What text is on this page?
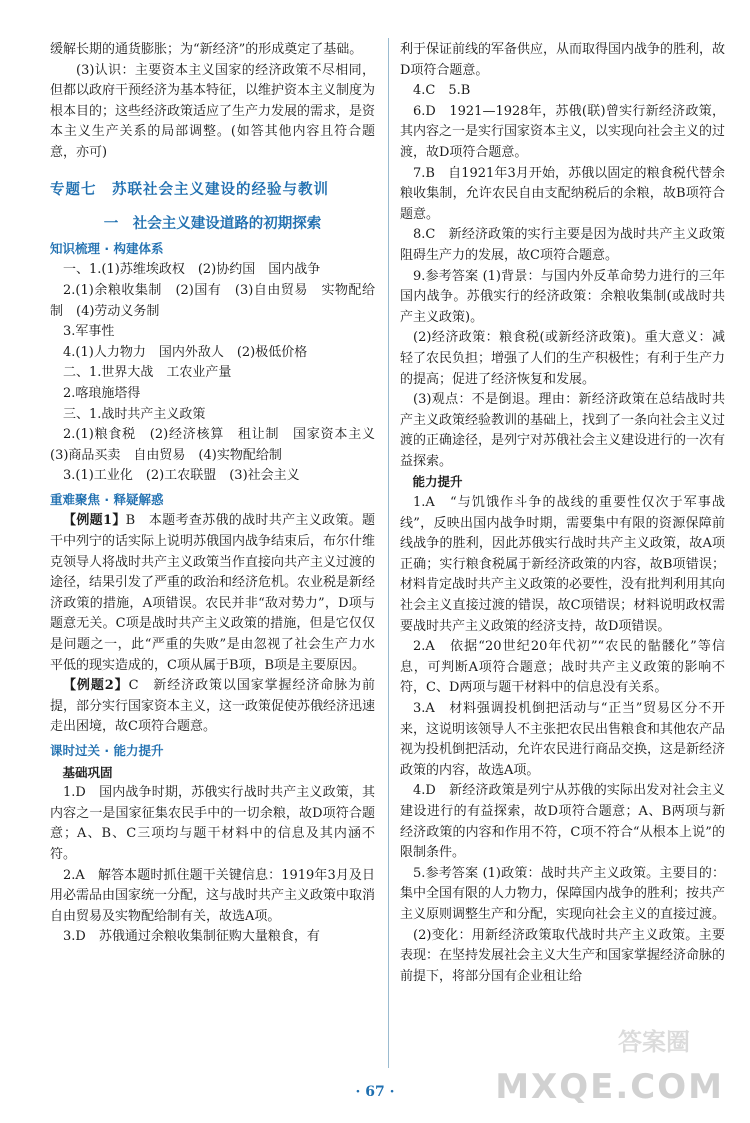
缓解长期的通货膨胀；为“新经济”的形成奠定了基础。

(3)认识：主要资本主义国家的经济政策不尽相同，但都以政府干预经济为基本特征，以维护资本主义制度为根本目的；这些经济政策适应了生产力发展的需求，是资本主义生产关系的局部调整。(如答其他内容且符合题意，亦可)

专题七　苏联社会主义建设的经验与教训
一　社会主义建设道路的初期探索
知识梳理 · 构建体系

一、1.(1)苏维埃政权　(2)协约国　国内战争

2.(1)余粮收集制　(2)国有　(3)自由贸易　实物配给制　(4)劳动义务制

3.军事性

4.(1)人力物力　国内外敌人　(2)极低价格

二、1.世界大战　工农业产量

2.喀琅施塔得

三、1.战时共产主义政策

2.(1)粮食税　(2)经济核算　租让制　国家资本主义　(3)商品买卖　自由贸易　(4)实物配给制

3.(1)工业化　(2)工农联盟　(3)社会主义

重难聚焦 · 释疑解惑

【例题1】B　本题考查苏俄的战时共产主义政策。题干中列宁的话实际上说明苏俄国内战争结束后，布尔什维克领导人将战时共产主义政策当作直接向共产主义过渡的途径，结果引发了严重的政治和经济危机。农业税是新经济政策的措施，A项错误。农民并非“敌对势力”，D项与题意无关。C项是战时共产主义政策的措施，但是它仅仅是问题之一，此“严重的失败”是由忽视了社会生产力水平低的现实造成的，C项从属于B项，B项是主要原因。

【例题2】C　新经济政策以国家掌握经济命脉为前提，部分实行国家资本主义，这一政策促使苏俄经济迅速走出困境，故C项符合题意。

课时过关 · 能力提升

基础巩固

1.D　国内战争时期，苏俄实行战时共产主义政策，其内容之一是国家征集农民手中的一切余粮，故D项符合题意；A、B、C三项均与题干材料中的信息及其内涵不符。

2.A　解答本题时抓住题干关键信息：1919年3月及日用必需品由国家统一分配，这与战时共产主义政策中取消自由贸易及实物配给制有关，故选A项。

3.D　苏俄通过余粮收集制征购大量粮食，有

利于保证前线的军备供应，从而取得国内战争的胜利，故D项符合题意。

4.C　5.B

6.D　1921—1928年，苏俄(联)曾实行新经济政策，其内容之一是实行国家资本主义，以实现向社会主义的过渡，故D项符合题意。

7.B　自1921年3月开始，苏俄以固定的粮食税代替余粮收集制，允许农民自由支配纳税后的余粮，故B项符合题意。

8.C　新经济政策的实行主要是因为战时共产主义政策阻碍生产力的发展，故C项符合题意。

9.参考答案 (1)背景：与国内外反革命势力进行的三年国内战争。苏俄实行的经济政策：余粮收集制(或战时共产主义政策)。

(2)经济政策：粮食税(或新经济政策)。重大意义：减轻了农民负担；增强了人们的生产积极性；有利于生产力的提高；促进了经济恢复和发展。

(3)观点：不是倒退。理由：新经济政策在总结战时共产主义政策经验教训的基础上，找到了一条向社会主义过渡的正确途径，是列宁对苏俄社会主义建设进行的一次有益探索。

能力提升

1.A　“与饥饿作斗争的战线的重要性仅次于军事战线”，反映出国内战争时期，需要集中有限的资源保障前线战争的胜利，因此苏俄实行战时共产主义政策，故A项正确；实行粮食税属于新经济政策的内容，故B项错误；材料肯定战时共产主义政策的必要性，没有批判利用其向社会主义直接过渡的错误，故C项错误；材料说明政权需要战时共产主义政策的经济支持，故D项错误。

2.A　依据“20世纪20年代初”“农民的骷髅化”等信息，可判断A项符合题意；战时共产主义政策的影响不符，C、D两项与题干材料中的信息没有关系。

3.A　材料强调投机倒把活动与“正当”贸易区分不开来，这说明该领导人不主张把农民出售粮食和其他农产品视为投机倒把活动，允许农民进行商品交换，这是新经济政策的内容，故选A项。

4.D　新经济政策是列宁从苏俄的实际出发对社会主义建设进行的有益探索，故D项符合题意；A、B两项与新经济政策的内容和作用不符，C项不符合“从根本上说”的限制条件。

5.参考答案 (1)政策：战时共产主义政策。主要目的：集中全国有限的人力物力，保障国内战争的胜利；按共产主义原则调整生产和分配，实现向社会主义的直接过渡。

(2)变化：用新经济政策取代战时共产主义政策。主要表现：在坚持发展社会主义大生产和国家掌握经济命脉的前提下，将部分国有企业租让给

· 67 ·
答案圈
MXQE.COM
